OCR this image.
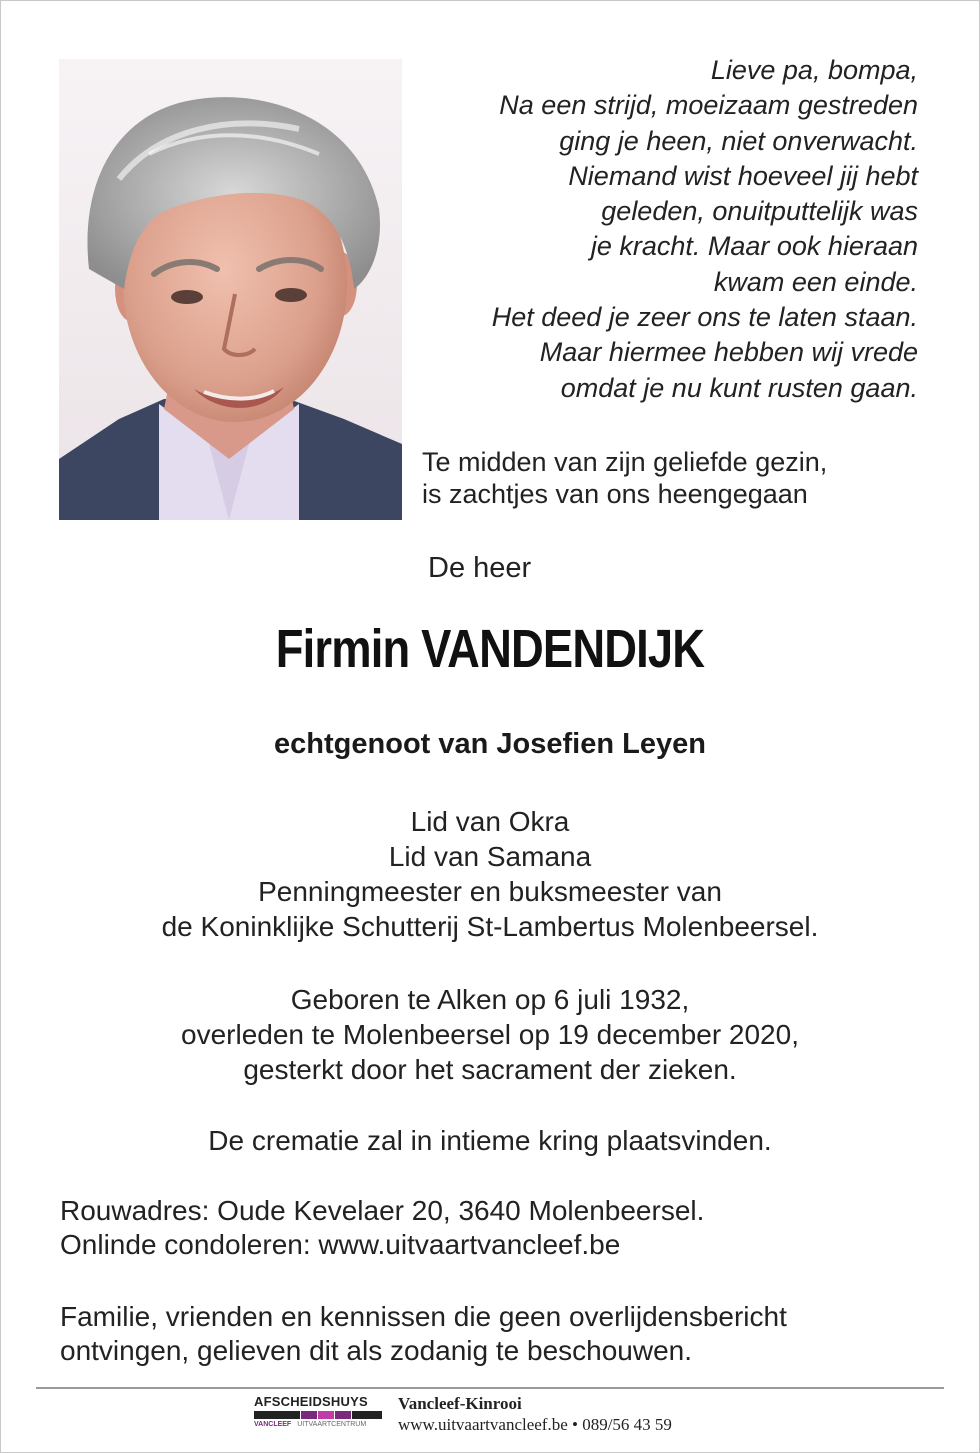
Lieve pa, bompa,
Na een strijd, moeizaam gestreden
ging je heen, niet onverwacht.
Niemand wist hoeveel jij hebt
geleden, onuitputtelijk was
je kracht. Maar ook hieraan
kwam een einde.
Het deed je zeer ons te laten staan.
Maar hiermee hebben wij vrede
omdat je nu kunt rusten gaan.
Te midden van zijn geliefde gezin,
is zachtjes van ons heengegaan
De heer
Firmin VANDENDIJK
echtgenoot van Josefien Leyen
Lid van Okra
Lid van Samana
Penningmeester en buksmeester van
de Koninklijke Schutterij St-Lambertus Molenbeersel.
Geboren te Alken op 6 juli 1932,
overleden te Molenbeersel op 19 december 2020,
gesterkt door het sacrament der zieken.
De crematie zal in intieme kring plaatsvinden.
Rouwadres: Oude Kevelaer 20, 3640 Molenbeersel.
Onlinde condoleren: www.uitvaartvancleef.be
Familie, vrienden en kennissen die geen overlijdensbericht
ontvingen, gelieven dit als zodanig te beschouwen.
AFSCHEIDSHUYS
VANCLEEF UITVAARTCENTRUM
Vancleef-Kinrooi
www.uitvaartvancleef.be • 089/56 43 59
